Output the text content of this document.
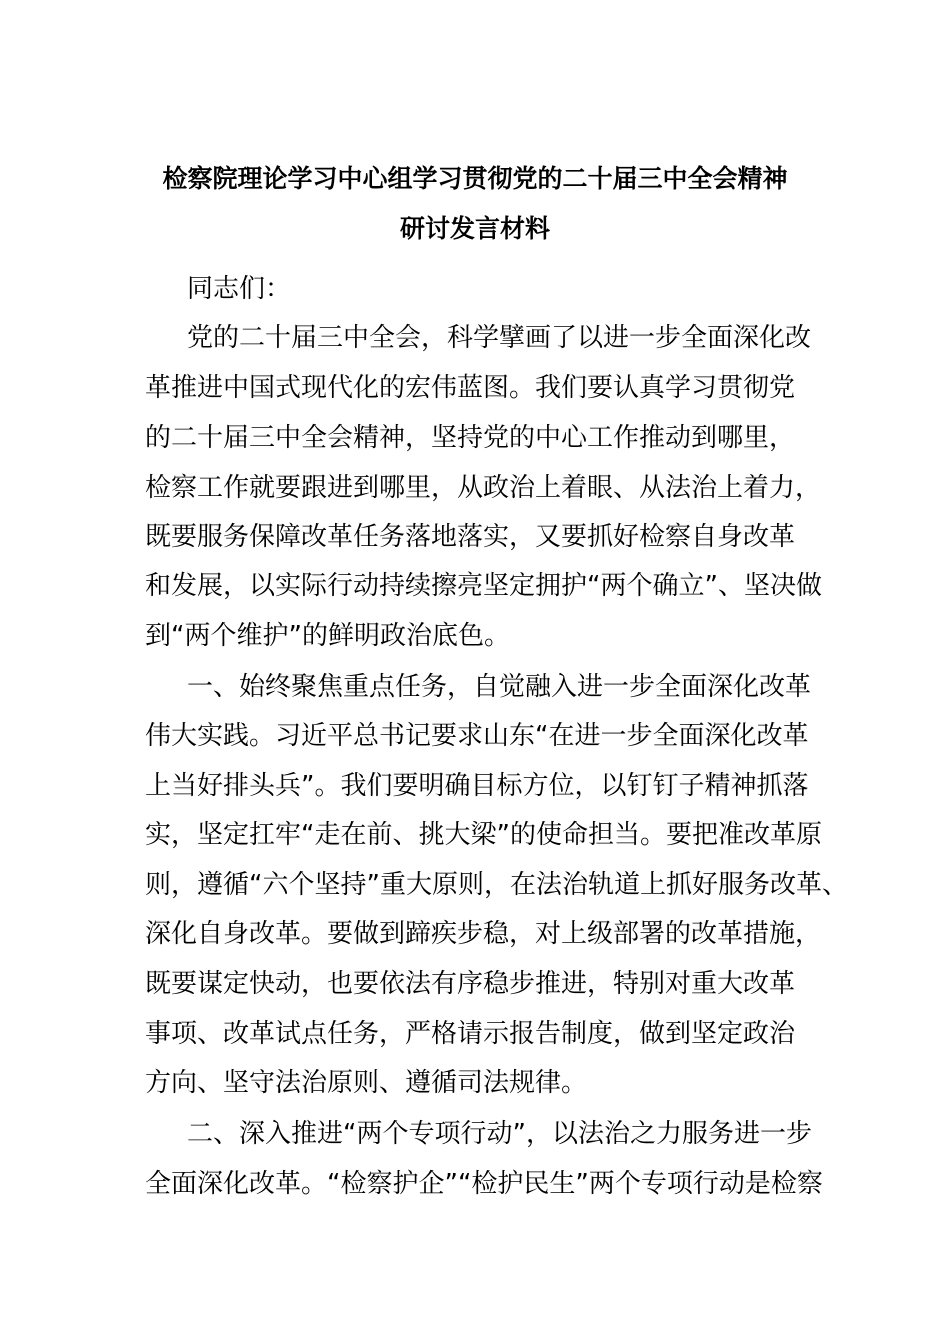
检察院理论学习中心组学习贯彻党的二十届三中全会精神
研讨发言材料
同志们：
党的二十届三中全会，科学擘画了以进一步全面深化改
革推进中国式现代化的宏伟蓝图。我们要认真学习贯彻党
的二十届三中全会精神，坚持党的中心工作推动到哪里，
检察工作就要跟进到哪里，从政治上着眼、从法治上着力，
既要服务保障改革任务落地落实，又要抓好检察自身改革
和发展，以实际行动持续擦亮坚定拥护“两个确立”、坚决做
到“两个维护”的鲜明政治底色。
一、始终聚焦重点任务，自觉融入进一步全面深化改革
伟大实践。习近平总书记要求山东“在进一步全面深化改革
上当好排头兵”。我们要明确目标方位，以钉钉子精神抓落
实，坚定扛牢“走在前、挑大梁”的使命担当。要把准改革原
则，遵循“六个坚持”重大原则，在法治轨道上抓好服务改革、
深化自身改革。要做到蹄疾步稳，对上级部署的改革措施，
既要谋定快动，也要依法有序稳步推进，特别对重大改革
事项、改革试点任务，严格请示报告制度，做到坚定政治
方向、坚守法治原则、遵循司法规律。
二、深入推进“两个专项行动”，以法治之力服务进一步
全面深化改革。“检察护企”“检护民生”两个专项行动是检察
